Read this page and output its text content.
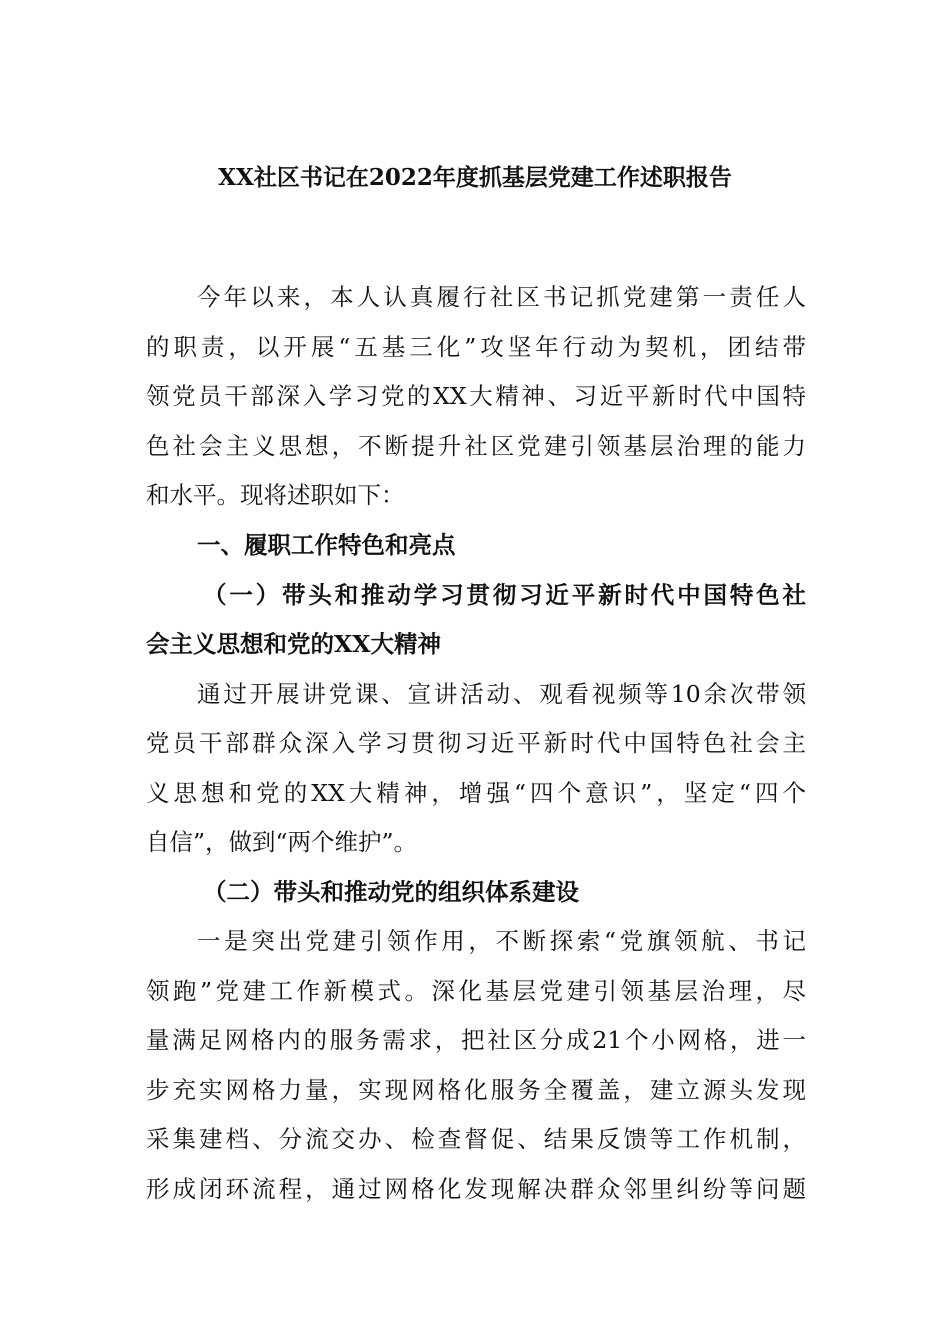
XX社区书记在2022年度抓基层党建工作述职报告
今年以来，本人认真履行社区书记抓党建第一责任人
的职责，以开展“五基三化”攻坚年行动为契机，团结带
领党员干部深入学习党的XX大精神、习近平新时代中国特
色社会主义思想，不断提升社区党建引领基层治理的能力
和水平。现将述职如下：
一、履职工作特色和亮点
（一）带头和推动学习贯彻习近平新时代中国特色社
会主义思想和党的XX大精神
通过开展讲党课、宣讲活动、观看视频等10余次带领
党员干部群众深入学习贯彻习近平新时代中国特色社会主
义思想和党的XX大精神，增强“四个意识”，坚定“四个
自信”，做到“两个维护”。
（二）带头和推动党的组织体系建设
一是突出党建引领作用，不断探索“党旗领航、书记
领跑”党建工作新模式。深化基层党建引领基层治理，尽
量满足网格内的服务需求，把社区分成21个小网格，进一
步充实网格力量，实现网格化服务全覆盖，建立源头发现
采集建档、分流交办、检查督促、结果反馈等工作机制，
形成闭环流程，通过网格化发现解决群众邻里纠纷等问题
